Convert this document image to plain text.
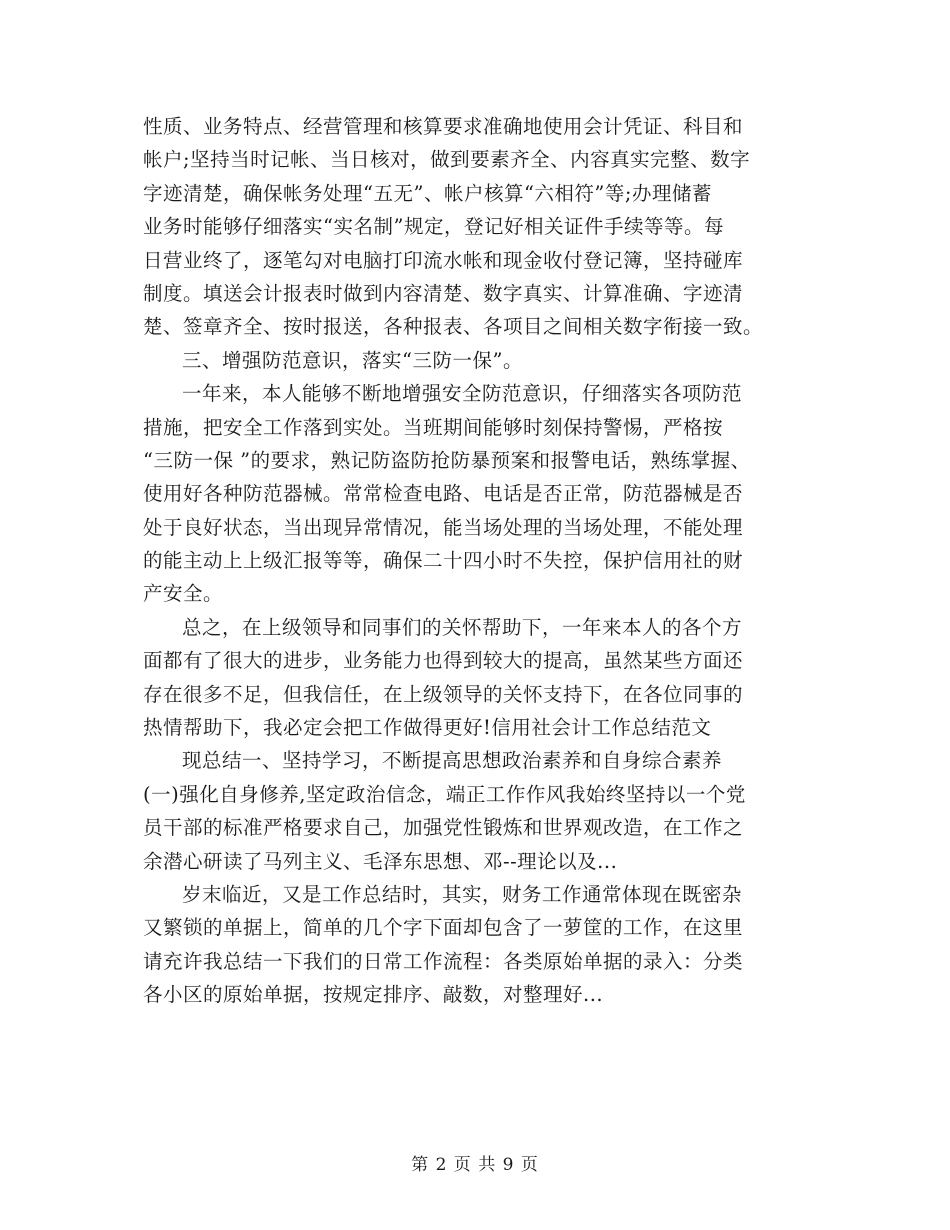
性质、业务特点、经营管理和核算要求准确地使用会计凭证、科目和
帐户;坚持当时记帐、当日核对，做到要素齐全、内容真实完整、数字
字迹清楚，确保帐务处理“五无”、帐户核算“六相符”等;办理储蓄
业务时能够仔细落实“实名制”规定，登记好相关证件手续等等。每
日营业终了，逐笔勾对电脑打印流水帐和现金收付登记簿，坚持碰库
制度。填送会计报表时做到内容清楚、数字真实、计算准确、字迹清
楚、签章齐全、按时报送，各种报表、各项目之间相关数字衔接一致。
三、增强防范意识，落实“三防一保”。
一年来，本人能够不断地增强安全防范意识，仔细落实各项防范
措施，把安全工作落到实处。当班期间能够时刻保持警惕，严格按
“三防一保 ”的要求，熟记防盗防抢防暴预案和报警电话，熟练掌握、
使用好各种防范器械。常常检查电路、电话是否正常，防范器械是否
处于良好状态，当出现异常情况，能当场处理的当场处理，不能处理
的能主动上上级汇报等等，确保二十四小时不失控，保护信用社的财
产安全。
总之，在上级领导和同事们的关怀帮助下，一年来本人的各个方
面都有了很大的进步，业务能力也得到较大的提高，虽然某些方面还
存在很多不足，但我信任，在上级领导的关怀支持下，在各位同事的
热情帮助下，我必定会把工作做得更好!信用社会计工作总结范文
现总结一、坚持学习，不断提高思想政治素养和自身综合素养
(一)强化自身修养,坚定政治信念，端正工作作风我始终坚持以一个党
员干部的标准严格要求自己，加强党性锻炼和世界观改造，在工作之
余潜心研读了马列主义、毛泽东思想、邓--理论以及...
岁末临近，又是工作总结时，其实，财务工作通常体现在既密杂
又繁锁的单据上，简单的几个字下面却包含了一萝筐的工作，在这里
请充许我总结一下我们的日常工作流程：各类原始单据的录入：分类
各小区的原始单据，按规定排序、敲数，对整理好...
第 2 页 共 9 页
